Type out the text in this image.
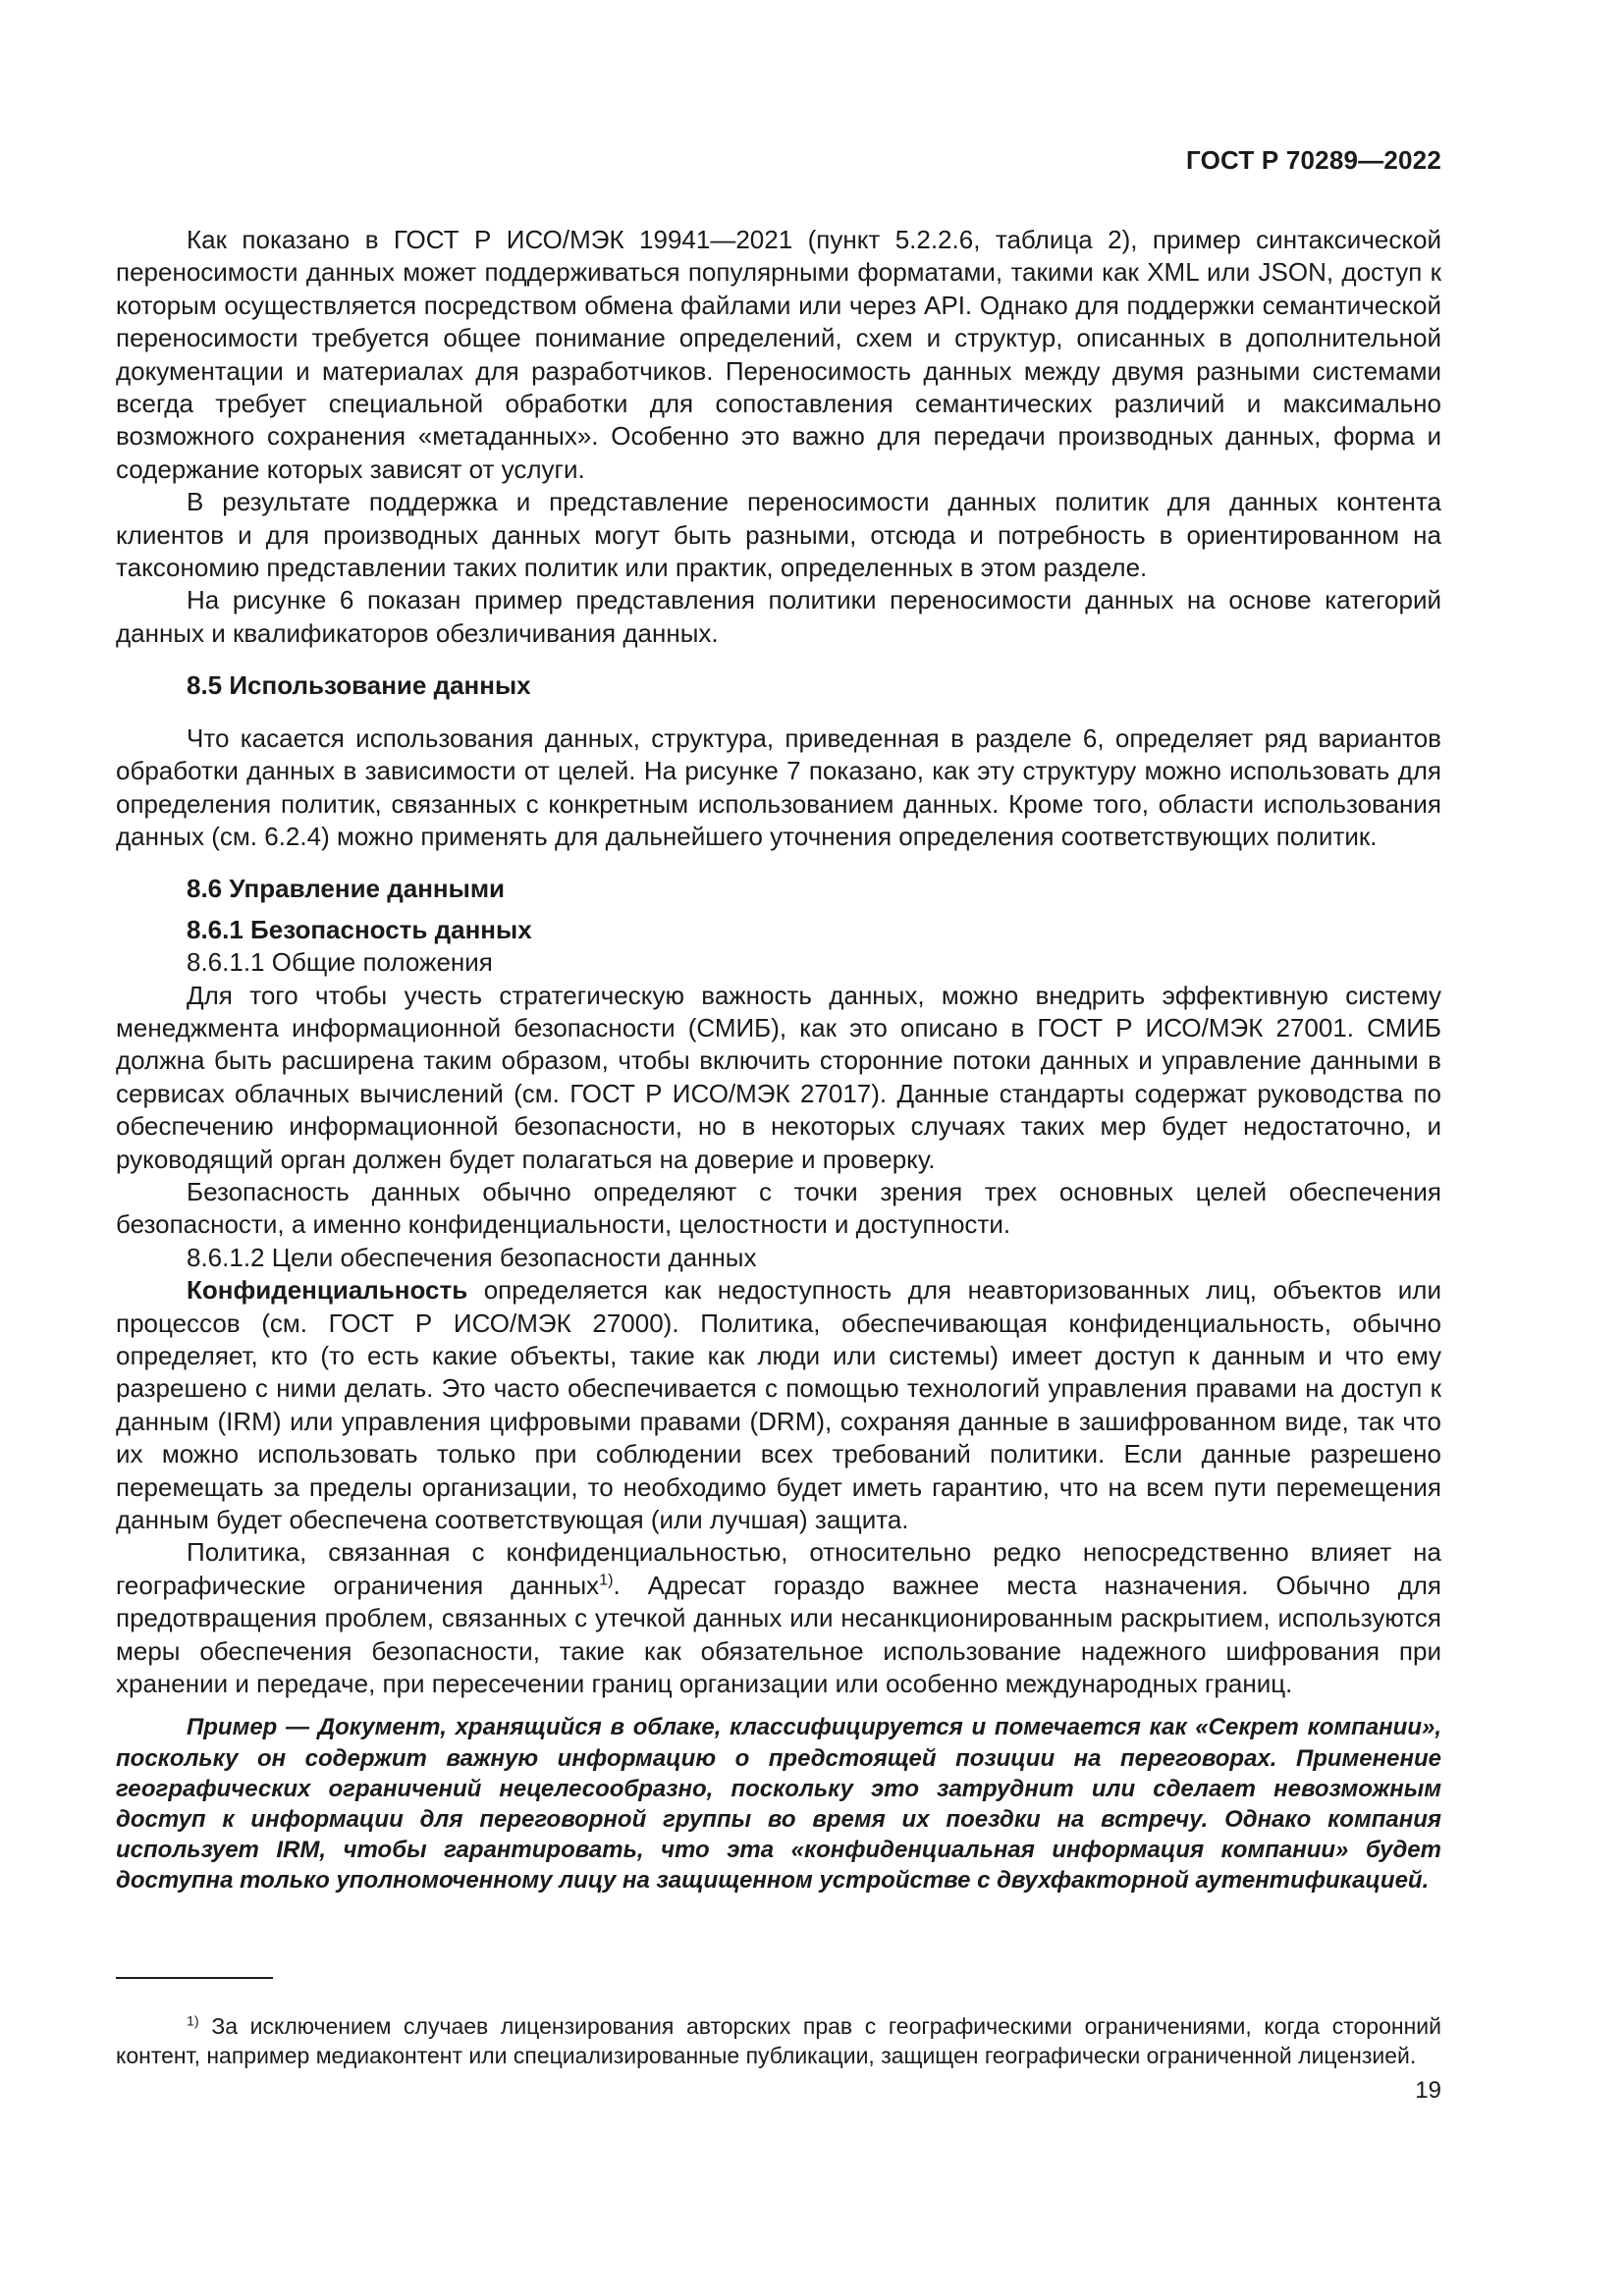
ГОСТ Р 70289—2022

Как показано в ГОСТ Р ИСО/МЭК 19941—2021 (пункт 5.2.2.6, таблица 2), пример синтаксической переносимости данных может поддерживаться популярными форматами, такими как XML или JSON, доступ к которым осуществляется посредством обмена файлами или через API. Однако для поддержки семантической переносимости требуется общее понимание определений, схем и структур, описанных в дополнительной документации и материалах для разработчиков. Переносимость данных между двумя разными системами всегда требует специальной обработки для сопоставления семантических различий и максимально возможного сохранения «метаданных». Особенно это важно для передачи производных данных, форма и содержание которых зависят от услуги.

В результате поддержка и представление переносимости данных политик для данных контента клиентов и для производных данных могут быть разными, отсюда и потребность в ориентированном на таксономию представлении таких политик или практик, определенных в этом разделе.

На рисунке 6 показан пример представления политики переносимости данных на основе категорий данных и квалификаторов обезличивания данных.

8.5 Использование данных

Что касается использования данных, структура, приведенная в разделе 6, определяет ряд вариантов обработки данных в зависимости от целей. На рисунке 7 показано, как эту структуру можно использовать для определения политик, связанных с конкретным использованием данных. Кроме того, области использования данных (см. 6.2.4) можно применять для дальнейшего уточнения определения соответствующих политик.

8.6 Управление данными

8.6.1 Безопасность данных

8.6.1.1 Общие положения

Для того чтобы учесть стратегическую важность данных, можно внедрить эффективную систему менеджмента информационной безопасности (СМИБ), как это описано в ГОСТ Р ИСО/МЭК 27001. СМИБ должна быть расширена таким образом, чтобы включить сторонние потоки данных и управление данными в сервисах облачных вычислений (см. ГОСТ Р ИСО/МЭК 27017). Данные стандарты содержат руководства по обеспечению информационной безопасности, но в некоторых случаях таких мер будет недостаточно, и руководящий орган должен будет полагаться на доверие и проверку.

Безопасность данных обычно определяют с точки зрения трех основных целей обеспечения безопасности, а именно конфиденциальности, целостности и доступности.

8.6.1.2 Цели обеспечения безопасности данных

Конфиденциальность определяется как недоступность для неавторизованных лиц, объектов или процессов (см. ГОСТ Р ИСО/МЭК 27000). Политика, обеспечивающая конфиденциальность, обычно определяет, кто (то есть какие объекты, такие как люди или системы) имеет доступ к данным и что ему разрешено с ними делать. Это часто обеспечивается с помощью технологий управления правами на доступ к данным (IRM) или управления цифровыми правами (DRM), сохраняя данные в зашифрованном виде, так что их можно использовать только при соблюдении всех требований политики. Если данные разрешено перемещать за пределы организации, то необходимо будет иметь гарантию, что на всем пути перемещения данным будет обеспечена соответствующая (или лучшая) защита.

Политика, связанная с конфиденциальностью, относительно редко непосредственно влияет на географические ограничения данных$^{1)}$. Адресат гораздо важнее места назначения. Обычно для предотвращения проблем, связанных с утечкой данных или несанкционированным раскрытием, используются меры обеспечения безопасности, такие как обязательное использование надежного шифрования при хранении и передаче, при пересечении границ организации или особенно международных границ.

Пример — Документ, хранящийся в облаке, классифицируется и помечается как «Секрет компании», поскольку он содержит важную информацию о предстоящей позиции на переговорах. Применение географических ограничений нецелесообразно, поскольку это затруднит или сделает невозможным доступ к информации для переговорной группы во время их поездки на встречу. Однако компания использует IRM, чтобы гарантировать, что эта «конфиденциальная информация компании» будет доступна только уполномоченному лицу на защищенном устройстве с двухфакторной аутентификацией.

$^{1)}$ За исключением случаев лицензирования авторских прав с географическими ограничениями, когда сторонний контент, например медиаконтент или специализированные публикации, защищен географически ограниченной лицензией.

19
